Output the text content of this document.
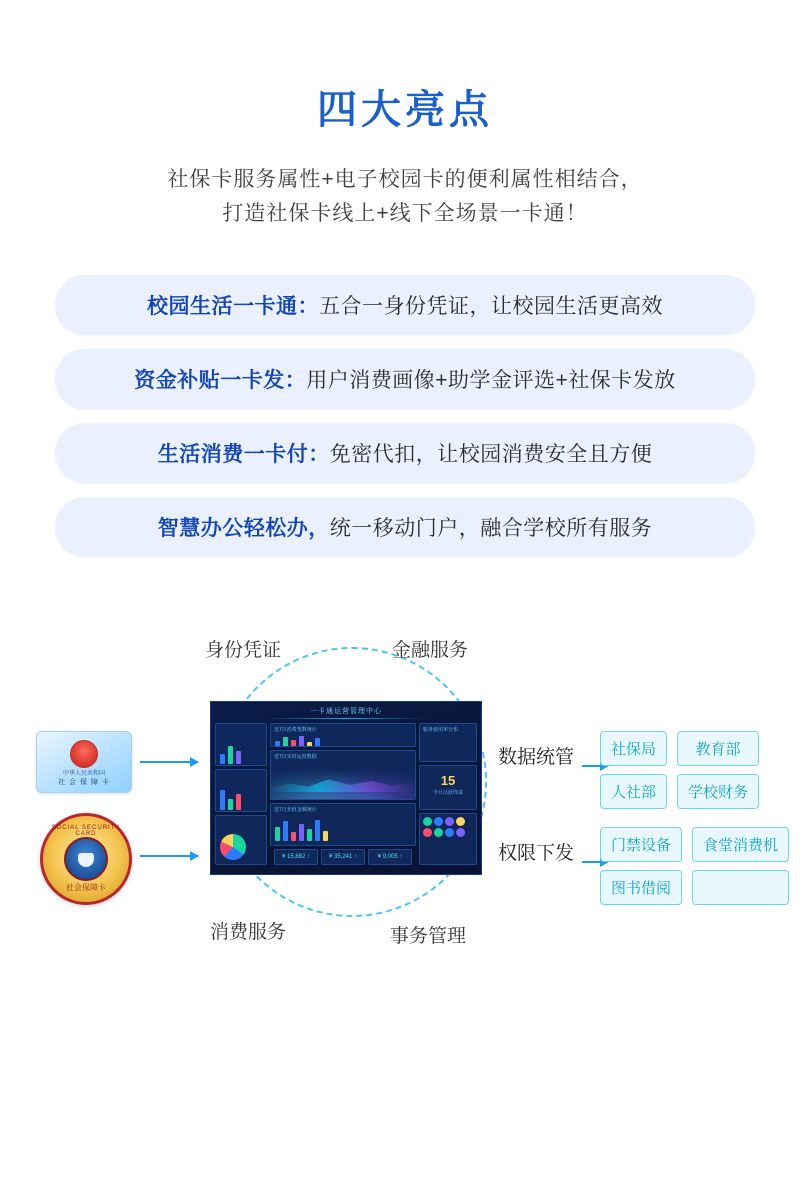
四大亮点
社保卡服务属性+电子校园卡的便利属性相结合，
打造社保卡线上+线下全场景一卡通！
校园生活一卡通：五合一身份凭证，让校园生活更高效
资金补贴一卡发：用户消费画像+助学金评选+社保卡发放
生活消费一卡付：免密代扣，让校园消费安全且方便
智慧办公轻松办，统一移动门户，融合学校所有服务
身份凭证	金融服务
消费服务	事务管理
中华人民共和国
社 会 保 障 卡
SOCIAL SECURITY CARD
社会保障卡
一卡通运营管理中心

近7日消费笔数统计
近7日实时运营数据
近7日充值金额统计
¥ 15,882 ↑	¥ 35,241 ↑	¥ 9,005 ↑
服务使用率分布
15
今日活跃终端
数据统管
权限下发
社保局	教育部
人社部	学校财务
门禁设备	食堂消费机
图书借阅
